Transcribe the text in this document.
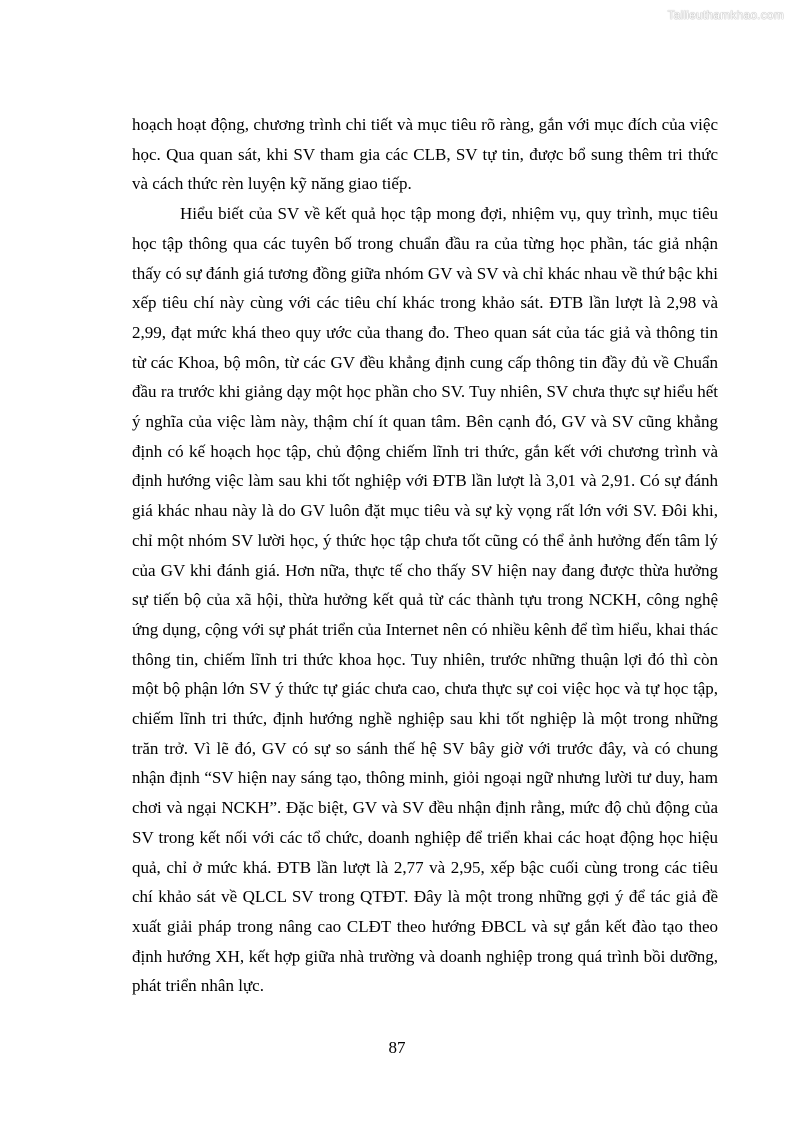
Tailieuthamkhao.com

hoạch hoạt động, chương trình chi tiết và mục tiêu rõ ràng, gắn với mục đích của việc học. Qua quan sát, khi SV tham gia các CLB, SV tự tin, được bổ sung thêm tri thức và cách thức rèn luyện kỹ năng giao tiếp.

Hiểu biết của SV về kết quả học tập mong đợi, nhiệm vụ, quy trình, mục tiêu học tập thông qua các tuyên bố trong chuẩn đầu ra của từng học phần, tác giả nhận thấy có sự đánh giá tương đồng giữa nhóm GV và SV và chỉ khác nhau về thứ bậc khi xếp tiêu chí này cùng với các tiêu chí khác trong khảo sát. ĐTB lần lượt là 2,98 và 2,99, đạt mức khá theo quy ước của thang đo. Theo quan sát của tác giả và thông tin từ các Khoa, bộ môn, từ các GV đều khẳng định cung cấp thông tin đầy đủ về Chuẩn đầu ra trước khi giảng dạy một học phần cho SV. Tuy nhiên, SV chưa thực sự hiểu hết ý nghĩa của việc làm này, thậm chí ít quan tâm. Bên cạnh đó, GV và SV cũng khẳng định có kế hoạch học tập, chủ động chiếm lĩnh tri thức, gắn kết với chương trình và định hướng việc làm sau khi tốt nghiệp với ĐTB lần lượt là 3,01 và 2,91. Có sự đánh giá khác nhau này là do GV luôn đặt mục tiêu và sự kỳ vọng rất lớn với SV. Đôi khi, chỉ một nhóm SV lười học, ý thức học tập chưa tốt cũng có thể ảnh hưởng đến tâm lý của GV khi đánh giá. Hơn nữa, thực tế cho thấy SV hiện nay đang được thừa hưởng sự tiến bộ của xã hội, thừa hưởng kết quả từ các thành tựu trong NCKH, công nghệ ứng dụng, cộng với sự phát triển của Internet nên có nhiều kênh để tìm hiểu, khai thác thông tin, chiếm lĩnh tri thức khoa học. Tuy nhiên, trước những thuận lợi đó thì còn một bộ phận lớn SV ý thức tự giác chưa cao, chưa thực sự coi việc học và tự học tập, chiếm lĩnh tri thức, định hướng nghề nghiệp sau khi tốt nghiệp là một trong những trăn trở. Vì lẽ đó, GV có sự so sánh thế hệ SV bây giờ với trước đây, và có chung nhận định “SV hiện nay sáng tạo, thông minh, giỏi ngoại ngữ nhưng lười tư duy, ham chơi và ngại NCKH”. Đặc biệt, GV và SV đều nhận định rằng, mức độ chủ động của SV trong kết nối với các tổ chức, doanh nghiệp để triển khai các hoạt động học hiệu quả, chỉ ở mức khá. ĐTB lần lượt là 2,77 và 2,95, xếp bậc cuối cùng trong các tiêu chí khảo sát về QLCL SV trong QTĐT. Đây là một trong những gợi ý để tác giả đề xuất giải pháp trong nâng cao CLĐT theo hướng ĐBCL và sự gắn kết đào tạo theo định hướng XH, kết hợp giữa nhà trường và doanh nghiệp trong quá trình bồi dưỡng, phát triển nhân lực.

87
